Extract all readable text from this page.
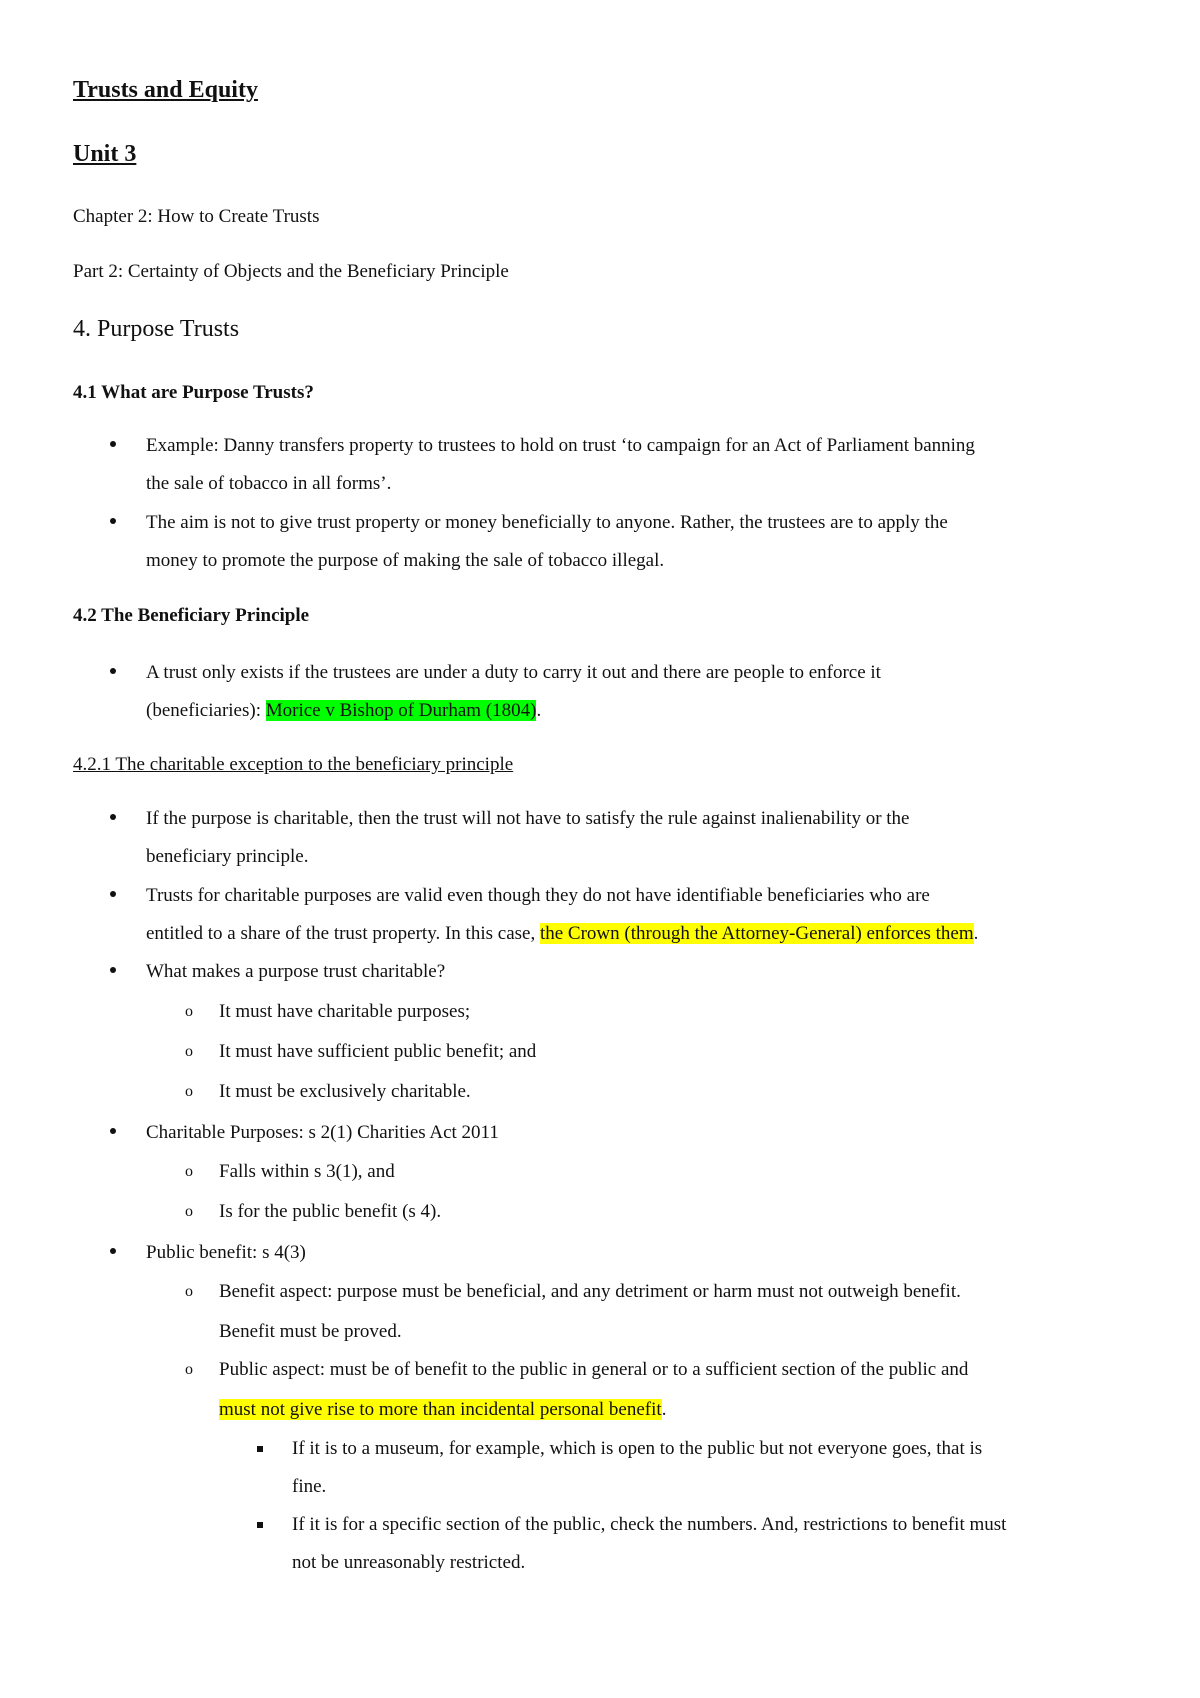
Trusts and Equity
Unit 3
Chapter 2: How to Create Trusts
Part 2: Certainty of Objects and the Beneficiary Principle
4. Purpose Trusts
4.1 What are Purpose Trusts?
Example: Danny transfers property to trustees to hold on trust ‘to campaign for an Act of Parliament banning
the sale of tobacco in all forms’.
The aim is not to give trust property or money beneficially to anyone. Rather, the trustees are to apply the
money to promote the purpose of making the sale of tobacco illegal.
4.2 The Beneficiary Principle
A trust only exists if the trustees are under a duty to carry it out and there are people to enforce it
(beneficiaries): Morice v Bishop of Durham (1804).
4.2.1 The charitable exception to the beneficiary principle
If the purpose is charitable, then the trust will not have to satisfy the rule against inalienability or the
beneficiary principle.
Trusts for charitable purposes are valid even though they do not have identifiable beneficiaries who are
entitled to a share of the trust property. In this case, the Crown (through the Attorney-General) enforces them.
What makes a purpose trust charitable?
o It must have charitable purposes;
o It must have sufficient public benefit; and
o It must be exclusively charitable.
Charitable Purposes: s 2(1) Charities Act 2011
o Falls within s 3(1), and
o Is for the public benefit (s 4).
Public benefit: s 4(3)
o Benefit aspect: purpose must be beneficial, and any detriment or harm must not outweigh benefit.
Benefit must be proved.
o Public aspect: must be of benefit to the public in general or to a sufficient section of the public and
must not give rise to more than incidental personal benefit.
If it is to a museum, for example, which is open to the public but not everyone goes, that is
fine.
If it is for a specific section of the public, check the numbers. And, restrictions to benefit must
not be unreasonably restricted.
